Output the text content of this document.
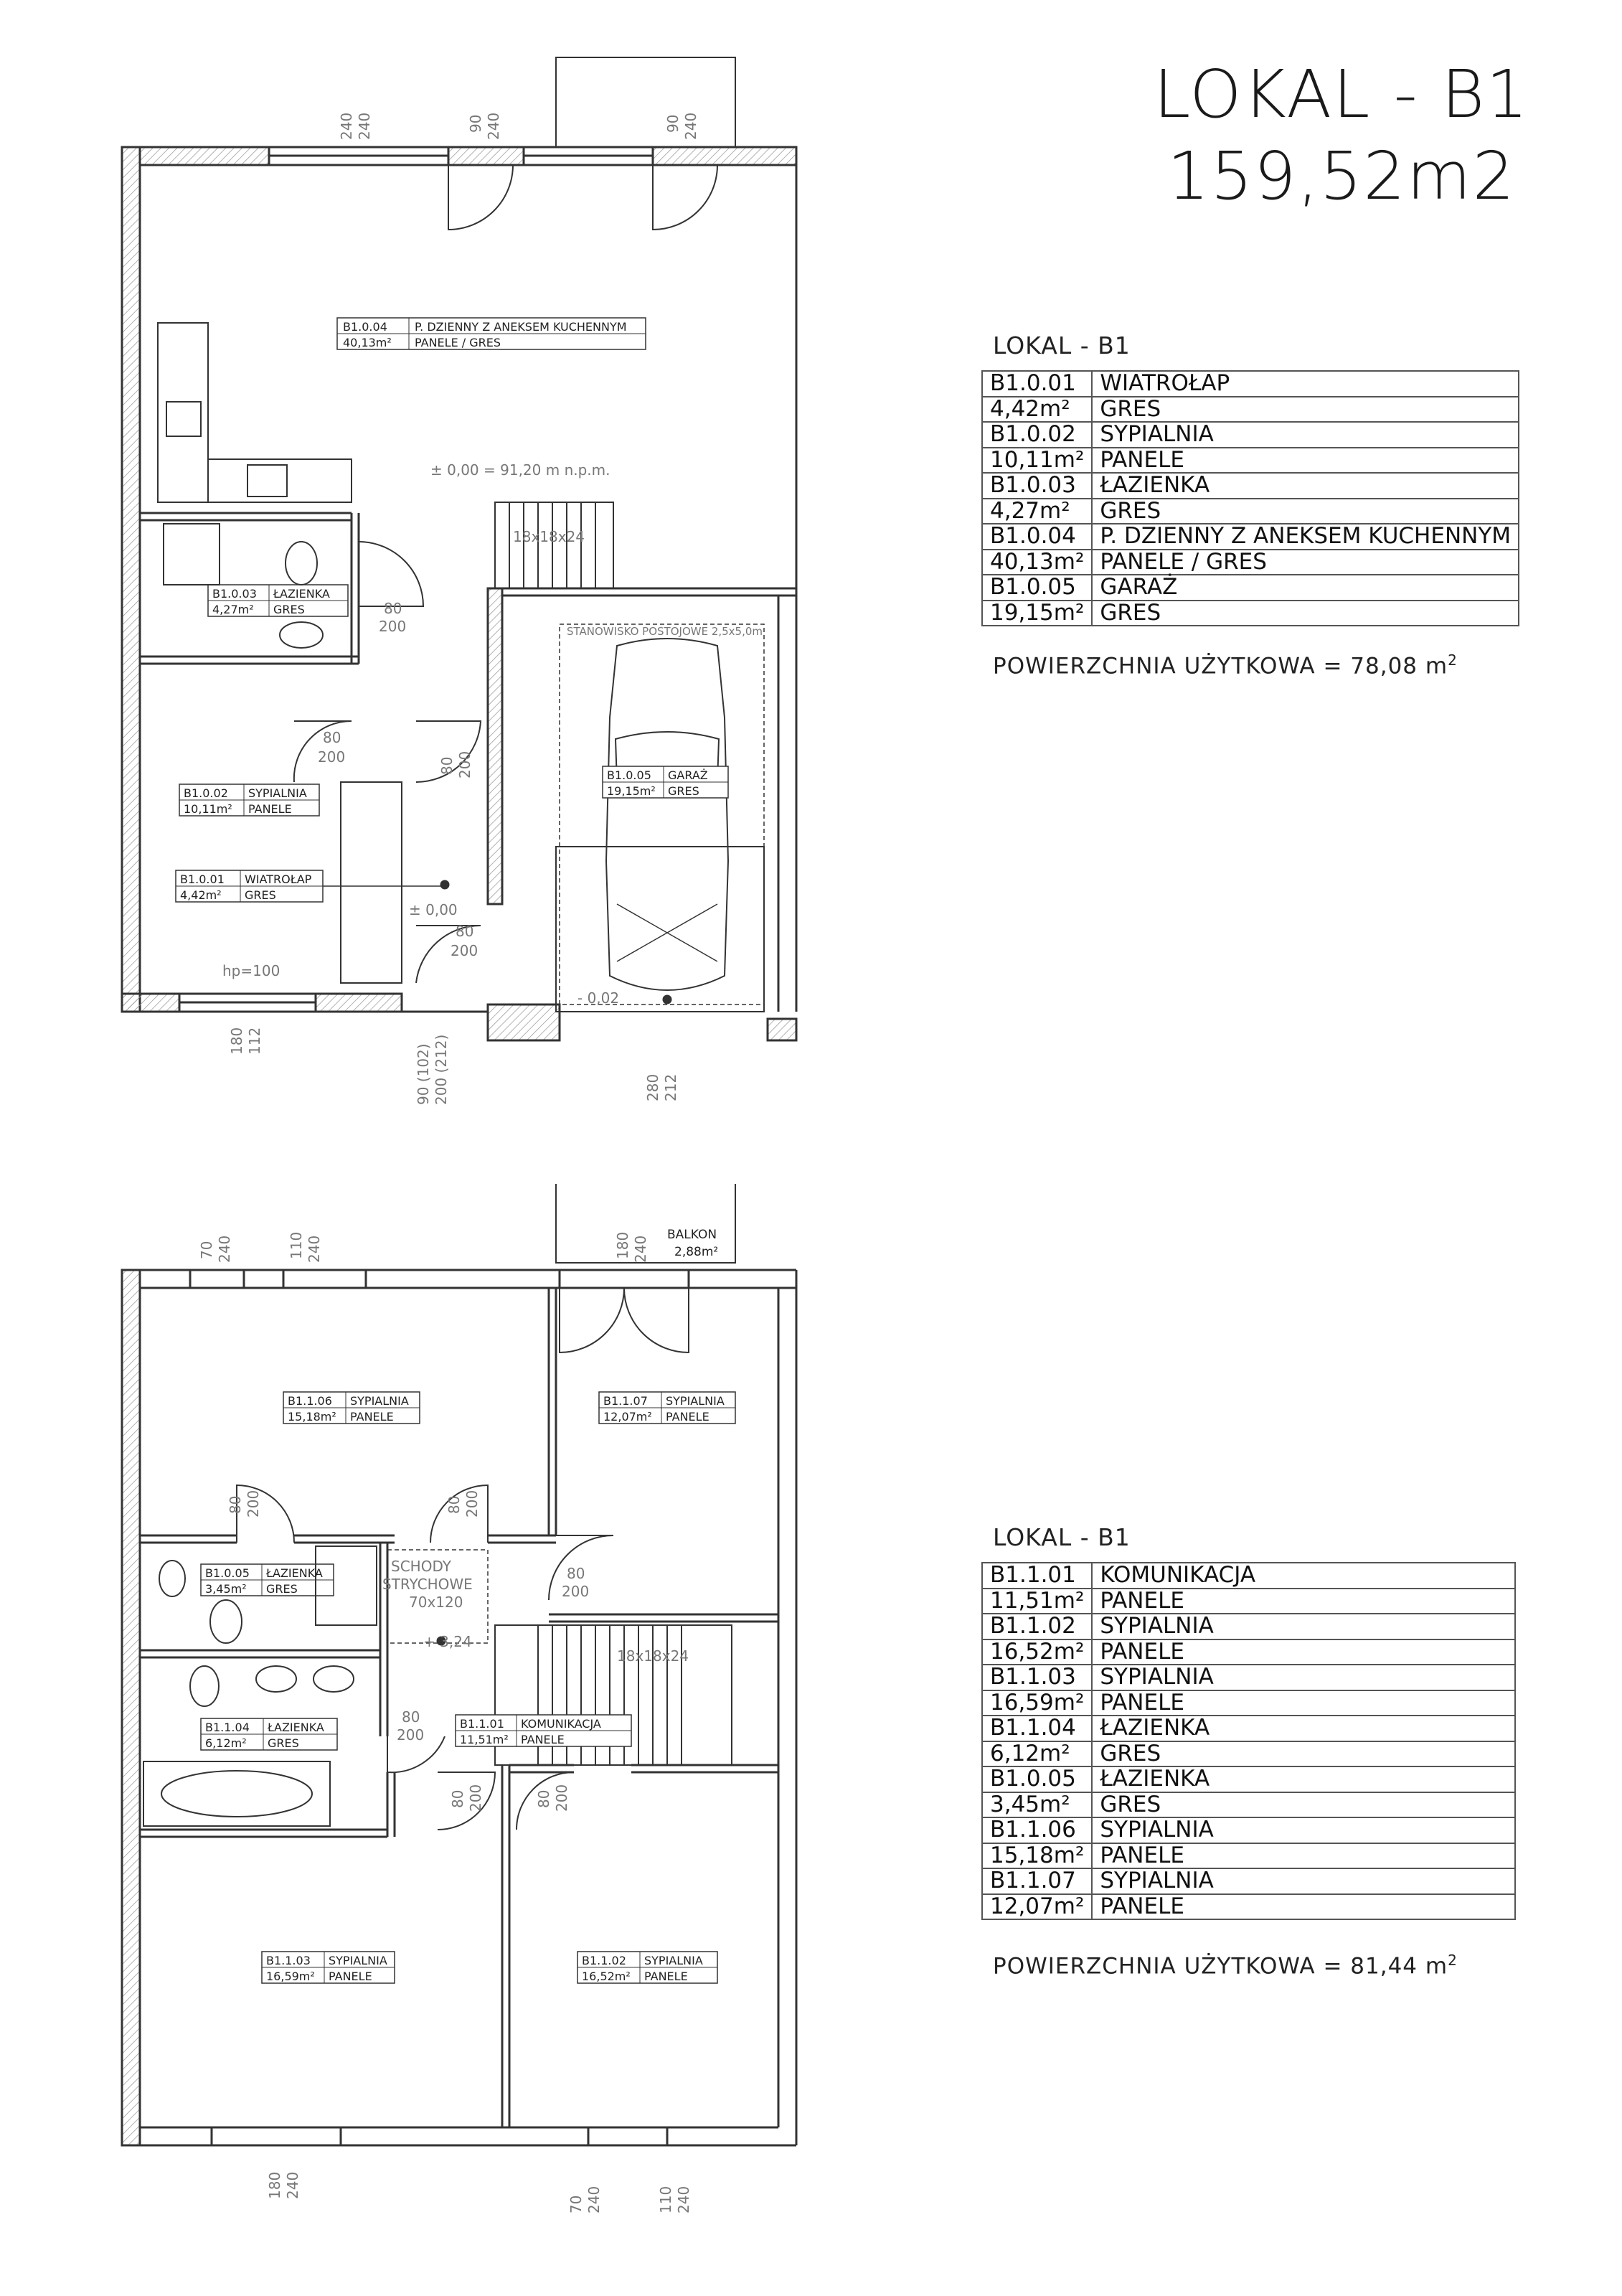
LOKAL - B1
159,52m2
LOKAL - B1
B1.0.01	WIATROŁAP
4,42m²	GRES
B1.0.02	SYPIALNIA
10,11m²	PANELE
B1.0.03	ŁAZIENKA
4,27m²	GRES
B1.0.04	P. DZIENNY Z ANEKSEM KUCHENNYM
40,13m²	PANELE / GRES
B1.0.05	GARAŻ
19,15m²	GRES
POWIERZCHNIA UŻYTKOWA = 78,08 $m^2$
LOKAL - B1
B1.1.01	KOMUNIKACJA
11,51m²	PANELE
B1.1.02	SYPIALNIA
16,52m²	PANELE
B1.1.03	SYPIALNIA
16,59m²	PANELE
B1.1.04	ŁAZIENKA
6,12m²	GRES
B1.0.05	ŁAZIENKA
3,45m²	GRES
B1.1.06	SYPIALNIA
15,18m²	PANELE
B1.1.07	SYPIALNIA
12,07m²	PANELE
POWIERZCHNIA UŻYTKOWA = 81,44 $m^2$
B1.0.04 P. DZIENNY Z ANEKSEM KUCHENNYM
40,13m² PANELE / GRES
B1.0.03 ŁAZIENKA
4,27m² GRES
B1.0.02 SYPIALNIA
10,11m² PANELE
B1.0.01 WIATROŁAP
4,42m² GRES
B1.0.05 GARAŻ
19,15m² GRES
± 0,00 = 91,20 m n.p.m.
± 0,00
- 0,02
18x18x24
STANOWISKO POSTOJOWE 2,5x5,0m
hp=100
80
200
80
200
80
200
80 200
240 240	90 240	90 240
180 112
90 (102) 200 (212)	280 212
B1.1.06 SYPIALNIA
15,18m² PANELE
B1.1.07 SYPIALNIA
12,07m² PANELE
B1.0.05 ŁAZIENKA
3,45m² GRES
B1.1.04 ŁAZIENKA
6,12m² GRES
B1.1.01 KOMUNIKACJA
11,51m² PANELE
B1.1.03 SYPIALNIA
16,59m² PANELE
B1.1.02 SYPIALNIA
16,52m² PANELE
BALKON
2,88m²
SCHODY
STRYCHOWE
70x120
+ 3,24
18x18x24
80
200
80
200
80 200	80 200
80 200	80 200
70 240	110 240	180 240
180 240
70 240	110 240
